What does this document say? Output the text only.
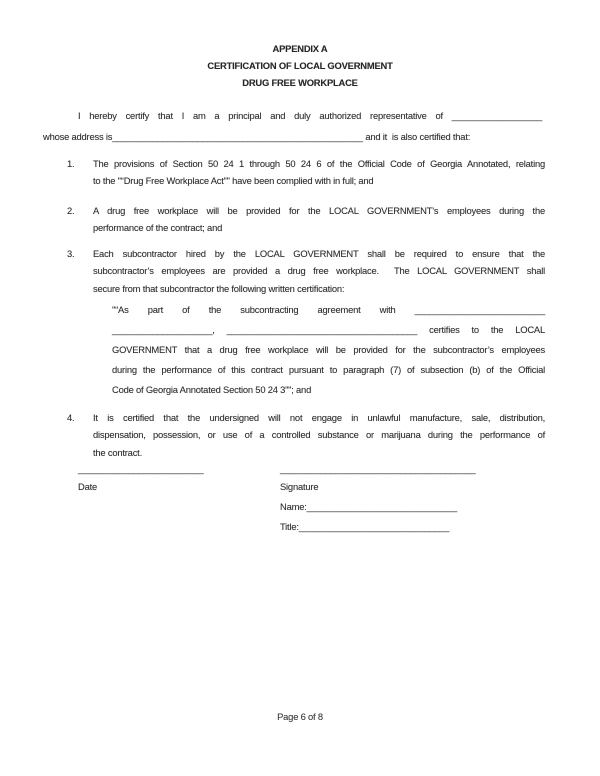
APPENDIX A
CERTIFICATION OF LOCAL GOVERNMENT
DRUG FREE WORKPLACE
I hereby certify that I am a principal and duly authorized representative of __________________
whose address is__________________________________________________ and it  is also certified that:
1.	The provisions of Section 50 24 1 through 50 24 6 of the Official Code of Georgia Annotated, relating
to the "“Drug Free Workplace Act”" have been complied with in full; and
2.	A drug free workplace will be provided for the LOCAL GOVERNMENT’s employees during the
performance of the contract; and
3.	Each subcontractor hired by the LOCAL GOVERNMENT shall be required to ensure that the
subcontractor’s employees are provided a drug free workplace.  The LOCAL GOVERNMENT shall
secure from that subcontractor the following written certification:
"“As part of the subcontracting agreement with __________________________
____________________, ______________________________________ certifies to the LOCAL
GOVERNMENT that a drug free workplace will be provided for the subcontractor’s employees
during the performance of this contract pursuant to paragraph (7) of subsection (b) of the Official
Code of Georgia Annotated Section 50 24 3”"; and
4.	It is certified that the undersigned will not engage in unlawful manufacture, sale, distribution,
dispensation, possession, or use of a controlled substance or marijuana during the performance of
the contract.
_________________________
Date
_______________________________________
Signature
Name:______________________________
Title:______________________________
Page 6 of 8
